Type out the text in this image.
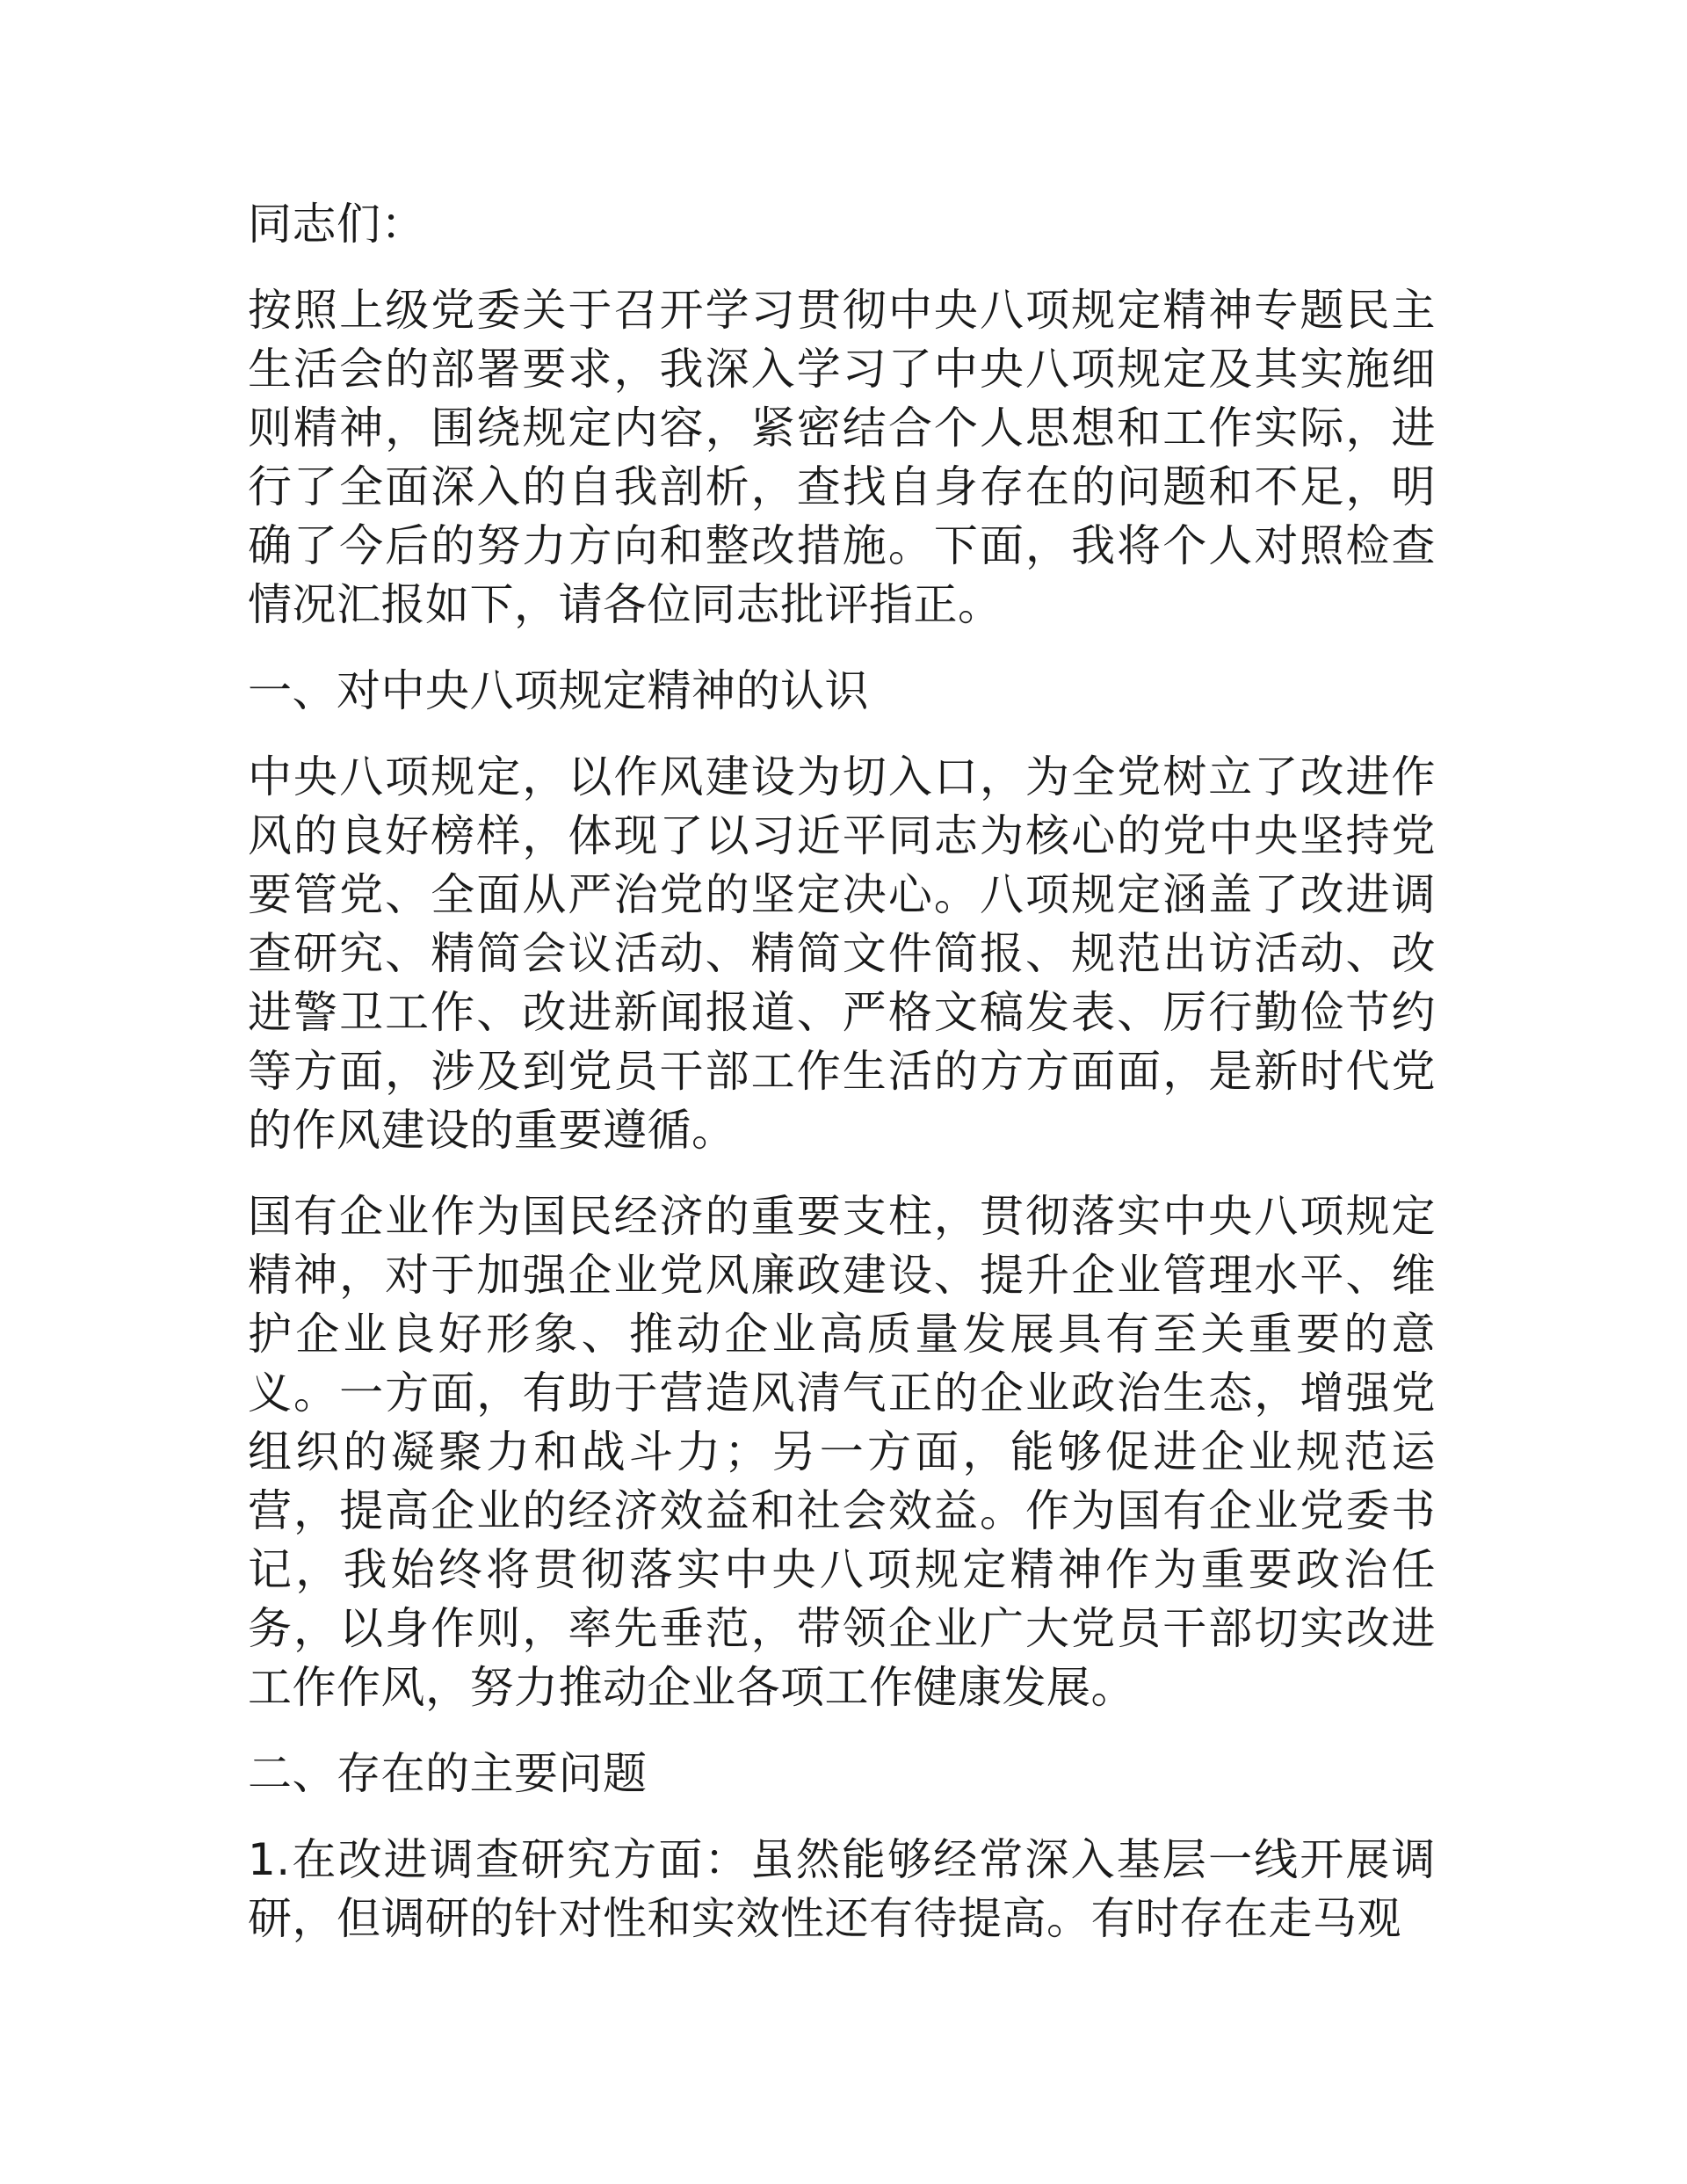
同志们：

按照上级党委关于召开学习贯彻中央八项规定精神专题民主生活会的部署要求，我深入学习了中央八项规定及其实施细则精神，围绕规定内容，紧密结合个人思想和工作实际，进行了全面深入的自我剖析，查找自身存在的问题和不足，明确了今后的努力方向和整改措施。下面，我将个人对照检查情况汇报如下，请各位同志批评指正。

一、对中央八项规定精神的认识

中央八项规定，以作风建设为切入口，为全党树立了改进作风的良好榜样，体现了以习近平同志为核心的党中央坚持党要管党、全面从严治党的坚定决心。八项规定涵盖了改进调查研究、精简会议活动、精简文件简报、规范出访活动、改进警卫工作、改进新闻报道、严格文稿发表、厉行勤俭节约等方面，涉及到党员干部工作生活的方方面面，是新时代党的作风建设的重要遵循。

国有企业作为国民经济的重要支柱，贯彻落实中央八项规定精神，对于加强企业党风廉政建设、提升企业管理水平、维护企业良好形象、推动企业高质量发展具有至关重要的意义。一方面，有助于营造风清气正的企业政治生态，增强党组织的凝聚力和战斗力；另一方面，能够促进企业规范运营，提高企业的经济效益和社会效益。作为国有企业党委书记，我始终将贯彻落实中央八项规定精神作为重要政治任务，以身作则，率先垂范，带领企业广大党员干部切实改进工作作风，努力推动企业各项工作健康发展。

二、存在的主要问题

1.在改进调查研究方面：虽然能够经常深入基层一线开展调研，但调研的针对性和实效性还有待提高。有时存在走马观
